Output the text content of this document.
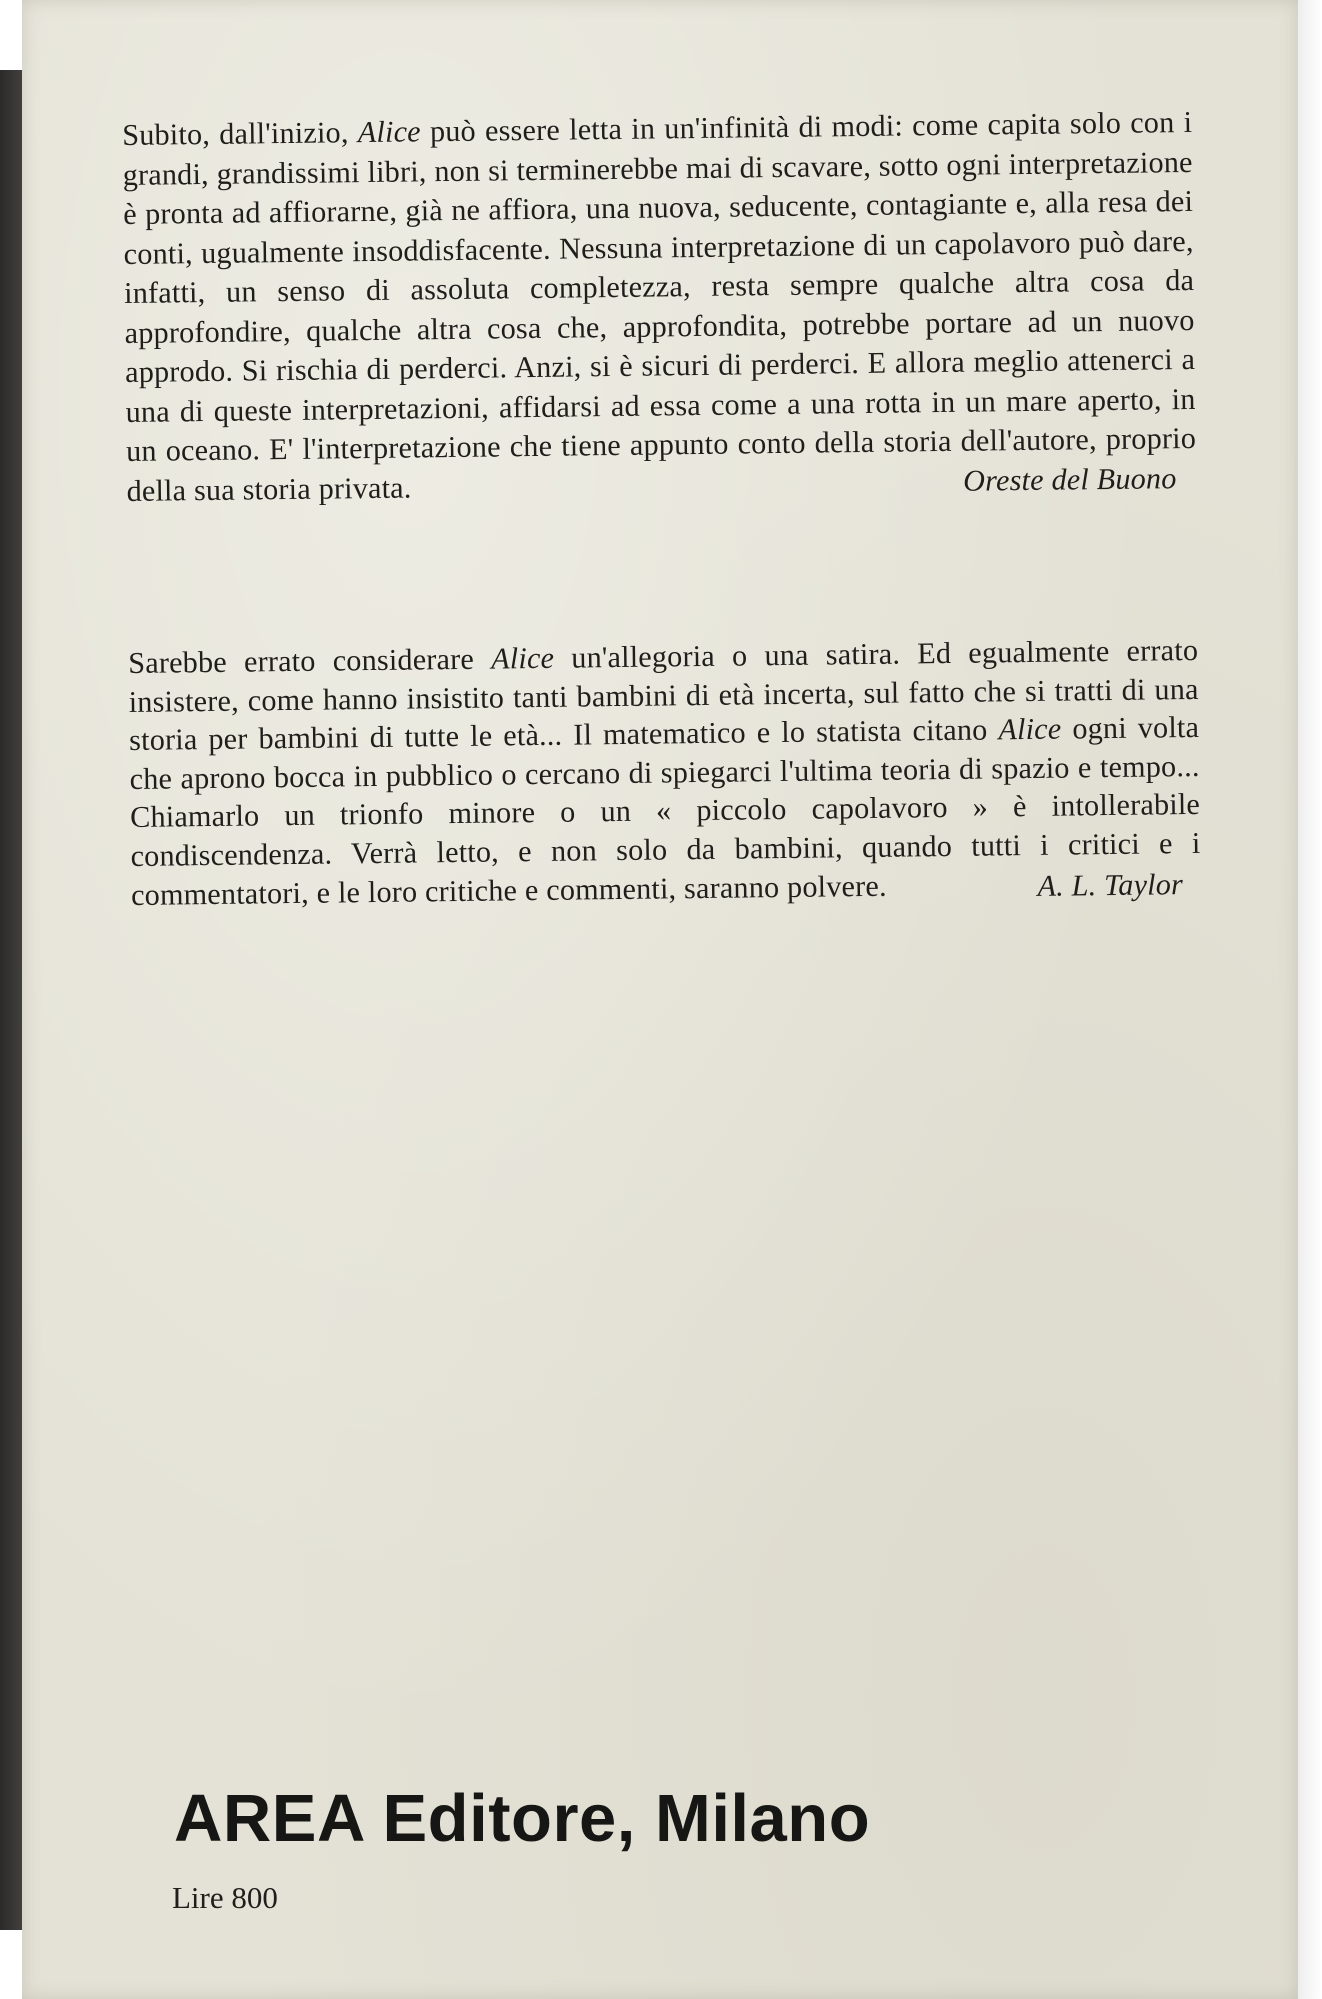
Subito, dall'inizio, Alice può essere letta in un'infinità di modi: come capita solo con i grandi, grandissimi libri, non si terminerebbe mai di scavare, sotto ogni interpretazione è pronta ad affiorarne, già ne affiora, una nuova, seducente, contagiante e, alla resa dei conti, ugualmente insoddisfacente. Nessuna interpretazione di un capolavoro può dare, infatti, un senso di assoluta completezza, resta sempre qualche altra cosa da approfondire, qualche altra cosa che, approfondita, potrebbe portare ad un nuovo approdo. Si rischia di perderci. Anzi, si è sicuri di perderci. E allora meglio attenerci a una di queste interpretazioni, affidarsi ad essa come a una rotta in un mare aperto, in un oceano. E' l'interpretazione che tiene appunto conto della storia dell'autore, proprio della sua storia privata.	Oreste del Buono

Sarebbe errato considerare Alice un'allegoria o una satira. Ed egualmente errato insistere, come hanno insistito tanti bambini di età incerta, sul fatto che si tratti di una storia per bambini di tutte le età... Il matematico e lo statista citano Alice ogni volta che aprono bocca in pubblico o cercano di spiegarci l'ultima teoria di spazio e tempo... Chiamarlo un trionfo minore o un « piccolo capolavoro » è intollerabile condiscendenza. Verrà letto, e non solo da bambini, quando tutti i critici e i commentatori, e le loro critiche e commenti, saranno polvere.	A. L. Taylor

AREA Editore, Milano
Lire 800
